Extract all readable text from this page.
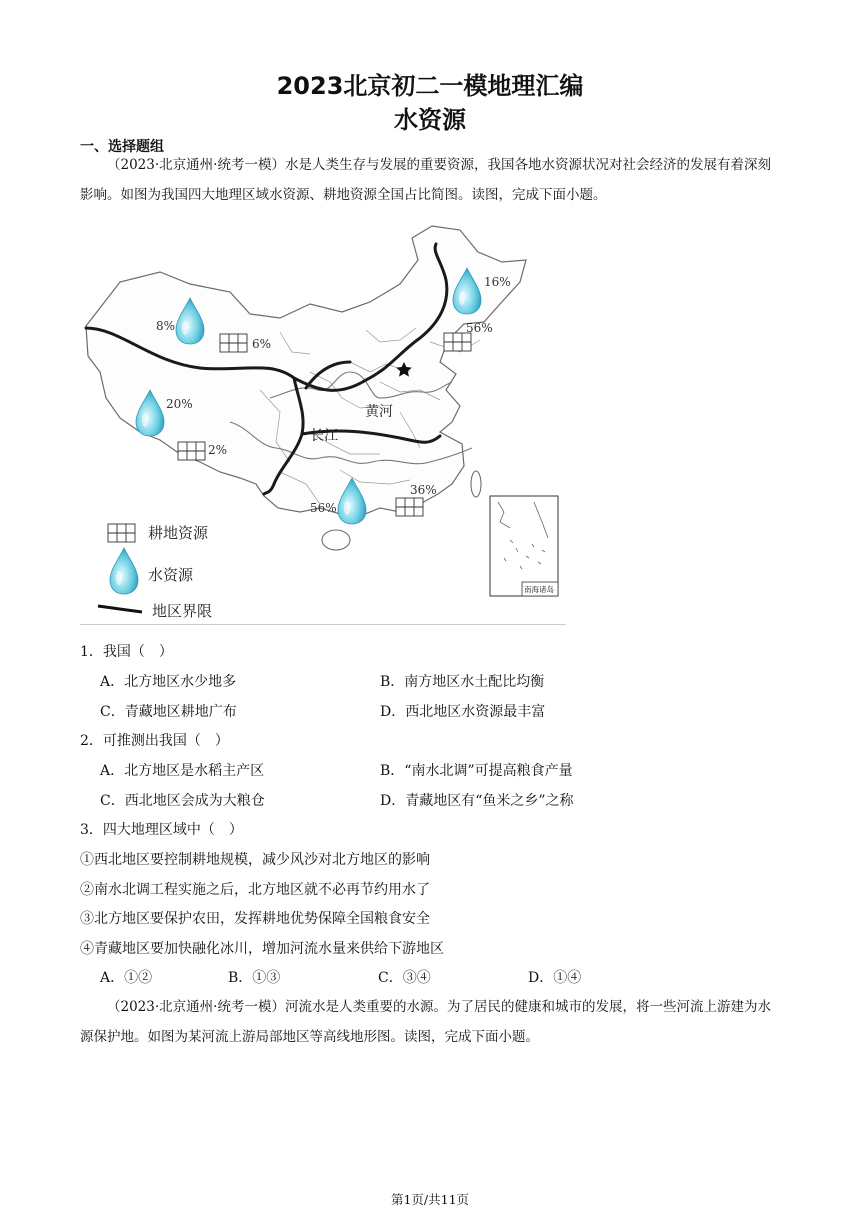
2023北京初二一模地理汇编
水资源
一、选择题组
（2023·北京通州·统考一模）水是人类生存与发展的重要资源，我国各地水资源状况对社会经济的发展有着深刻影响。如图为我国四大地理区域水资源、耕地资源全国占比简图。读图，完成下面小题。
黄河
长江
8%
6%
16%
56%
20%
2%
56%
36%
南海诸岛
耕地资源
水资源
地区界限
1．我国（　）
A．北方地区水少地多	B．南方地区水土配比均衡
C．青藏地区耕地广布	D．西北地区水资源最丰富
2．可推测出我国（　）
A．北方地区是水稻主产区	B．“南水北调”可提高粮食产量
C．西北地区会成为大粮仓	D．青藏地区有“鱼米之乡”之称
3．四大地理区域中（　）
①西北地区要控制耕地规模，减少风沙对北方地区的影响
②南水北调工程实施之后，北方地区就不必再节约用水了
③北方地区要保护农田，发挥耕地优势保障全国粮食安全
④青藏地区要加快融化冰川，增加河流水量来供给下游地区
A．①②	B．①③	C．③④	D．①④
（2023·北京通州·统考一模）河流水是人类重要的水源。为了居民的健康和城市的发展，将一些河流上游建为水源保护地。如图为某河流上游局部地区等高线地形图。读图，完成下面小题。
第1页/共11页
